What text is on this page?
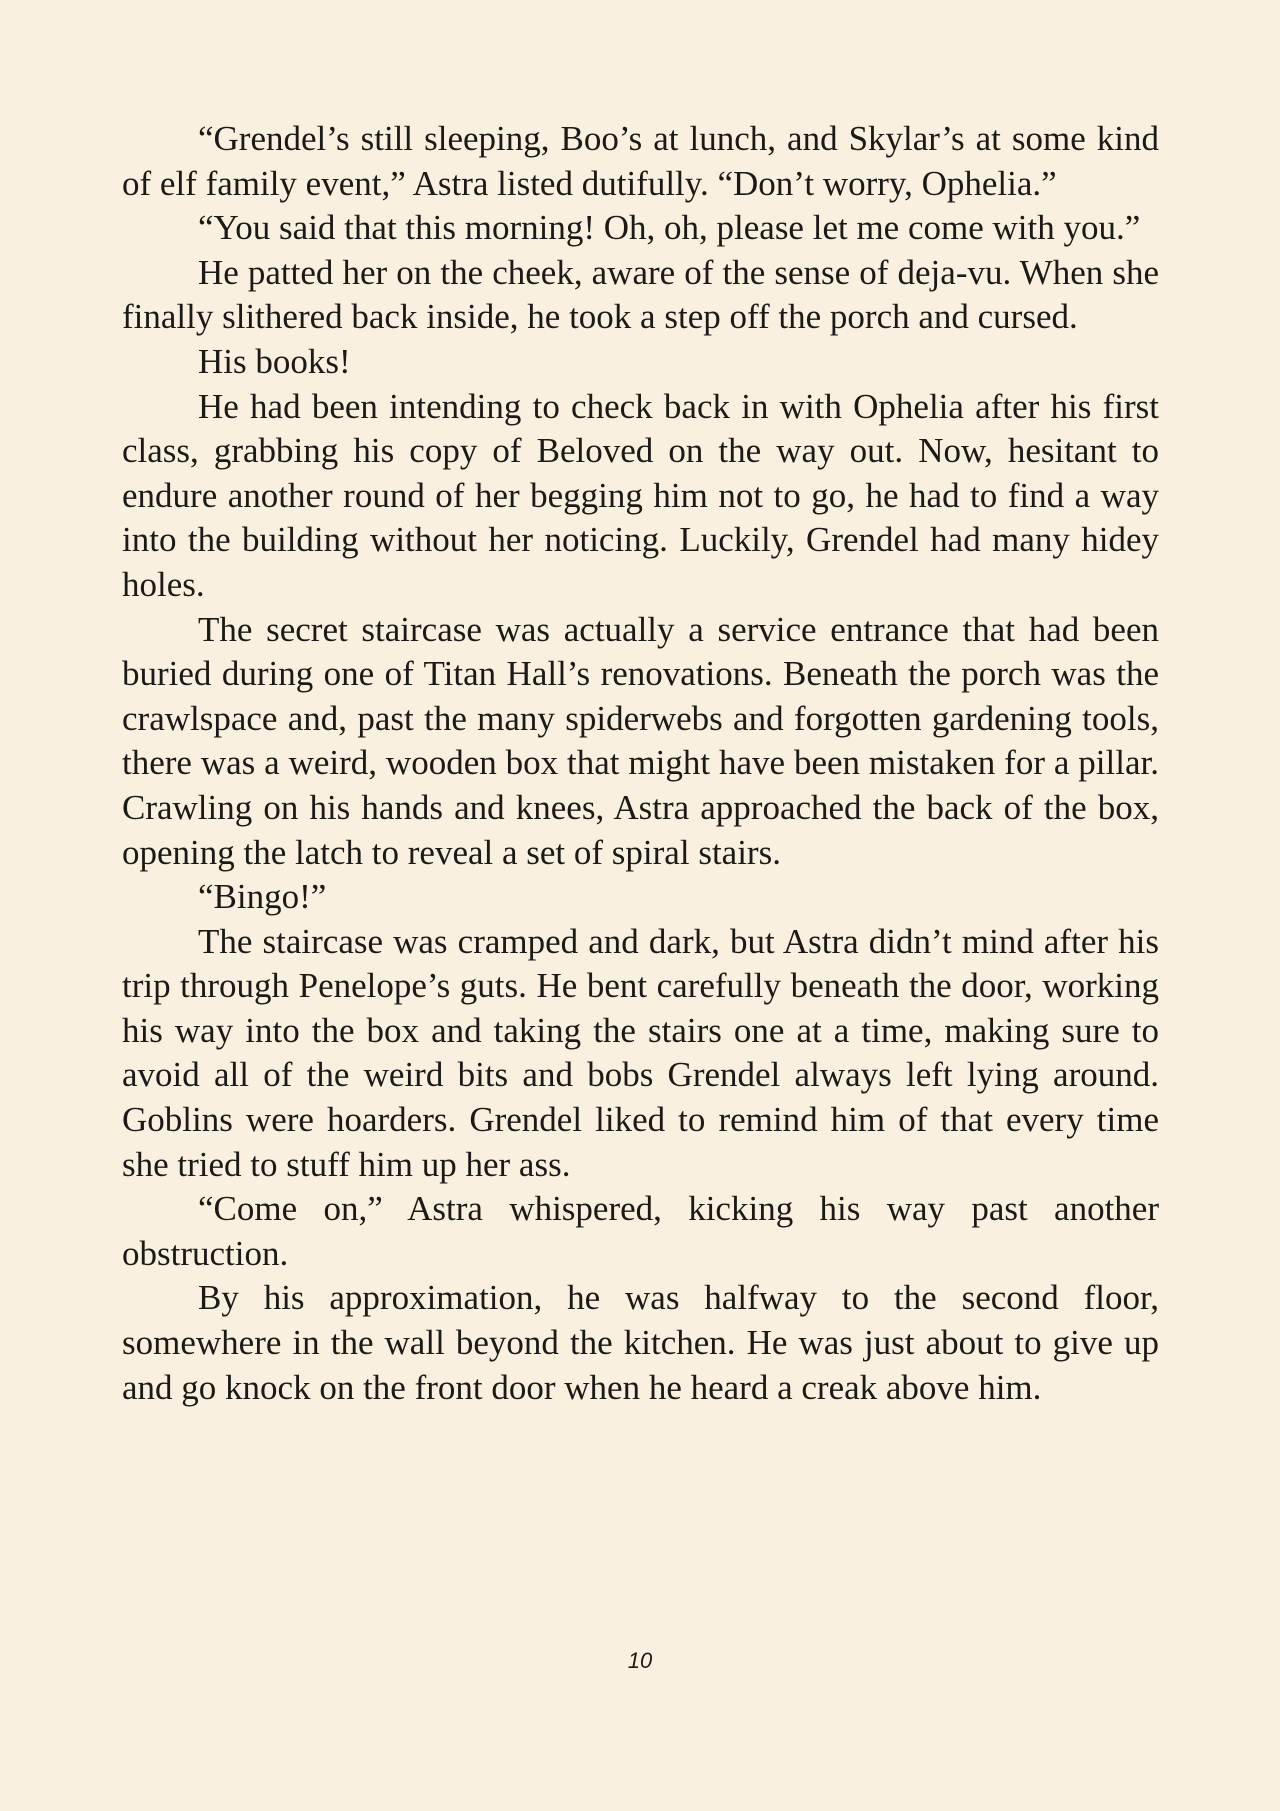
“Grendel’s still sleeping, Boo’s at lunch, and Skylar’s at some kind of elf family event,” Astra listed dutifully. “Don’t worry, Ophelia.”

“You said that this morning! Oh, oh, please let me come with you.”

He patted her on the cheek, aware of the sense of deja-vu. When she finally slithered back inside, he took a step off the porch and cursed.

His books!

He had been intending to check back in with Ophelia after his first class, grabbing his copy of Beloved on the way out. Now, hesitant to endure another round of her begging him not to go, he had to find a way into the building without her noticing. Luckily, Grendel had many hidey holes.

The secret staircase was actually a service entrance that had been buried during one of Titan Hall’s renovations. Beneath the porch was the crawlspace and, past the many spiderwebs and forgotten gardening tools, there was a weird, wooden box that might have been mistaken for a pillar. Crawling on his hands and knees, Astra approached the back of the box, opening the latch to reveal a set of spiral stairs.

“Bingo!”

The staircase was cramped and dark, but Astra didn’t mind after his trip through Penelope’s guts. He bent carefully beneath the door, working his way into the box and taking the stairs one at a time, making sure to avoid all of the weird bits and bobs Grendel always left lying around. Goblins were hoarders. Grendel liked to remind him of that every time she tried to stuff him up her ass.

“Come on,” Astra whispered, kicking his way past another obstruction.

By his approximation, he was halfway to the second floor, somewhere in the wall beyond the kitchen. He was just about to give up and go knock on the front door when he heard a creak above him.

10
